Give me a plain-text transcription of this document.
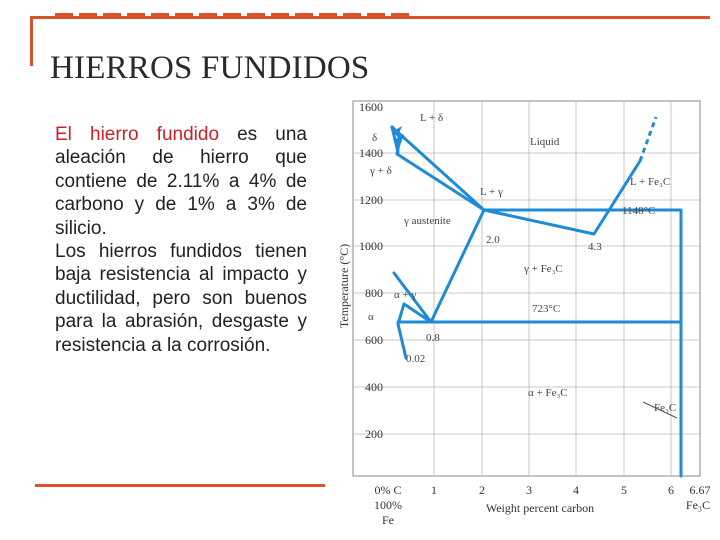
HIERROS FUNDIDOS

El hierro fundido es una aleación de hierro que contiene de 2.11% a 4% de carbono y de 1% a 3% de silicio.

Los hierros fundidos tienen baja resistencia al impacto y ductilidad, pero son buenos para la abrasión, desgaste y resistencia a la corrosión.

1600
1400
1200
1000
800
600
400
200
Temperature (°C)
1	2	3	4	5	6
0% C
100%
Fe
6.67
Fe₃C
Weight percent carbon
L + δ
δ
γ + δ
Liquid
L + γ
L + Fe₃C
1148°C
γ austenite
2.0
4.3
γ + Fe₃C
723°C
α
0.8
0.02
α + γ
α + Fe₃C
Fe₃C
